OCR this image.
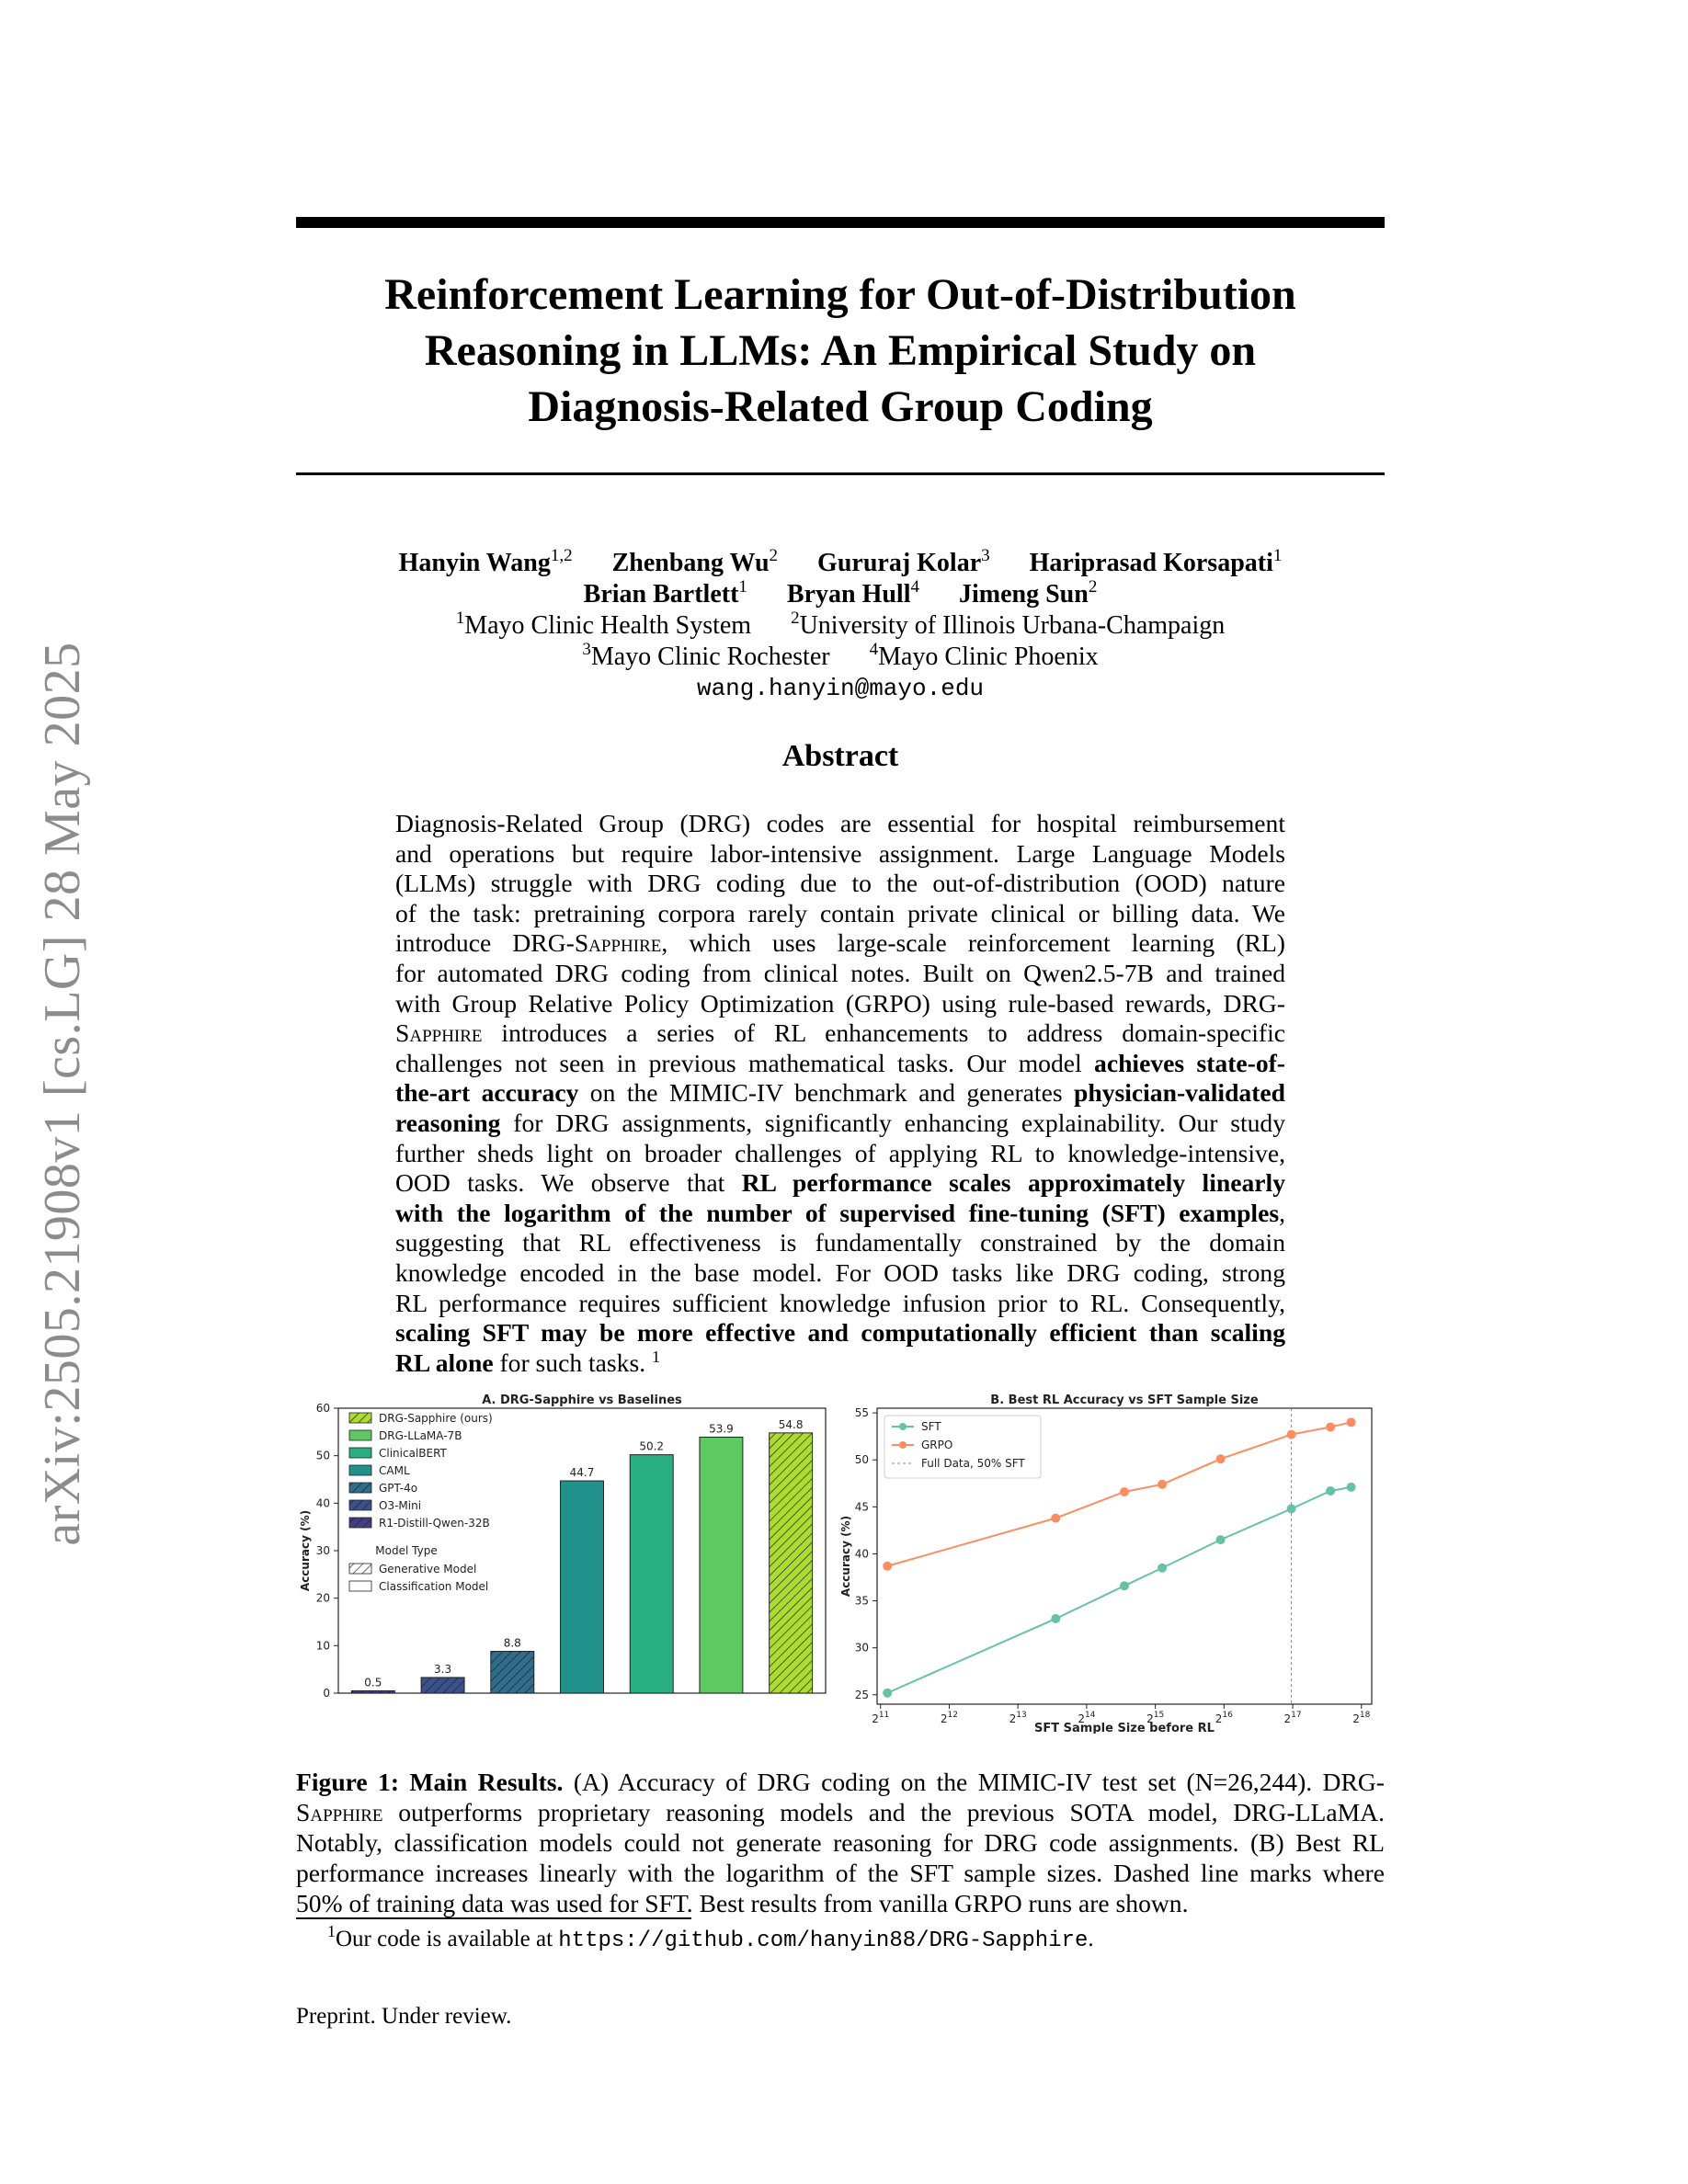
arXiv:2505.21908v1 [cs.LG] 28 May 2025
Reinforcement Learning for Out-of-Distribution
Reasoning in LLMs: An Empirical Study on
Diagnosis-Related Group Coding
Hanyin Wang$^{1,2}$ Zhenbang Wu$^2$ Gururaj Kolar$^3$ Hariprasad Korsapati$^1$
Brian Bartlett$^1$ Bryan Hull$^4$ Jimeng Sun$^2$
$^1$Mayo Clinic Health System $^2$University of Illinois Urbana-Champaign
$^3$Mayo Clinic Rochester $^4$Mayo Clinic Phoenix
wang.hanyin@mayo.edu
Abstract
Diagnosis-Related Group (DRG) codes are essential for hospital reimbursement
and operations but require labor-intensive assignment. Large Language Models
(LLMs) struggle with DRG coding due to the out-of-distribution (OOD) nature
of the task: pretraining corpora rarely contain private clinical or billing data. We
introduce DRG-Sapphire, which uses large-scale reinforcement learning (RL)
for automated DRG coding from clinical notes. Built on Qwen2.5-7B and trained
with Group Relative Policy Optimization (GRPO) using rule-based rewards, DRG-
Sapphire introduces a series of RL enhancements to address domain-specific
challenges not seen in previous mathematical tasks. Our model achieves state-of-
the-art accuracy on the MIMIC-IV benchmark and generates physician-validated
reasoning for DRG assignments, significantly enhancing explainability. Our study
further sheds light on broader challenges of applying RL to knowledge-intensive,
OOD tasks. We observe that RL performance scales approximately linearly
with the logarithm of the number of supervised fine-tuning (SFT) examples,
suggesting that RL effectiveness is fundamentally constrained by the domain
knowledge encoded in the base model. For OOD tasks like DRG coding, strong
RL performance requires sufficient knowledge infusion prior to RL. Consequently,
scaling SFT may be more effective and computationally efficient than scaling
RL alone for such tasks. $^1$
A. DRG-Sapphire vs Baselines
0
10
20
30
40
50
60
Accuracy (%)
0.5
3.3
8.8
44.7
50.2
53.9	54.8
DRG-Sapphire (ours)
DRG-LLaMA-7B
ClinicalBERT
CAML
GPT-4o
O3-Mini
R1-Distill-Qwen-32B
Model Type
Generative Model
Classification Model
B. Best RL Accuracy vs SFT Sample Size
25
30
35
40
45
50
55
$2^{11}$	$2^{12}$	$2^{13}$	$2^{14}$	$2^{15}$	$2^{16}$	$2^{17}$	$2^{18}$
SFT Sample Size before RL
Accuracy (%)
SFT
GRPO
Full Data, 50% SFT
Figure 1: Main Results. (A) Accuracy of DRG coding on the MIMIC-IV test set (N=26,244). DRG-
Sapphire outperforms proprietary reasoning models and the previous SOTA model, DRG-LLaMA.
Notably, classification models could not generate reasoning for DRG code assignments. (B) Best RL
performance increases linearly with the logarithm of the SFT sample sizes. Dashed line marks where
50% of training data was used for SFT. Best results from vanilla GRPO runs are shown.
$^1$Our code is available at https://github.com/hanyin88/DRG-Sapphire.
Preprint. Under review.
